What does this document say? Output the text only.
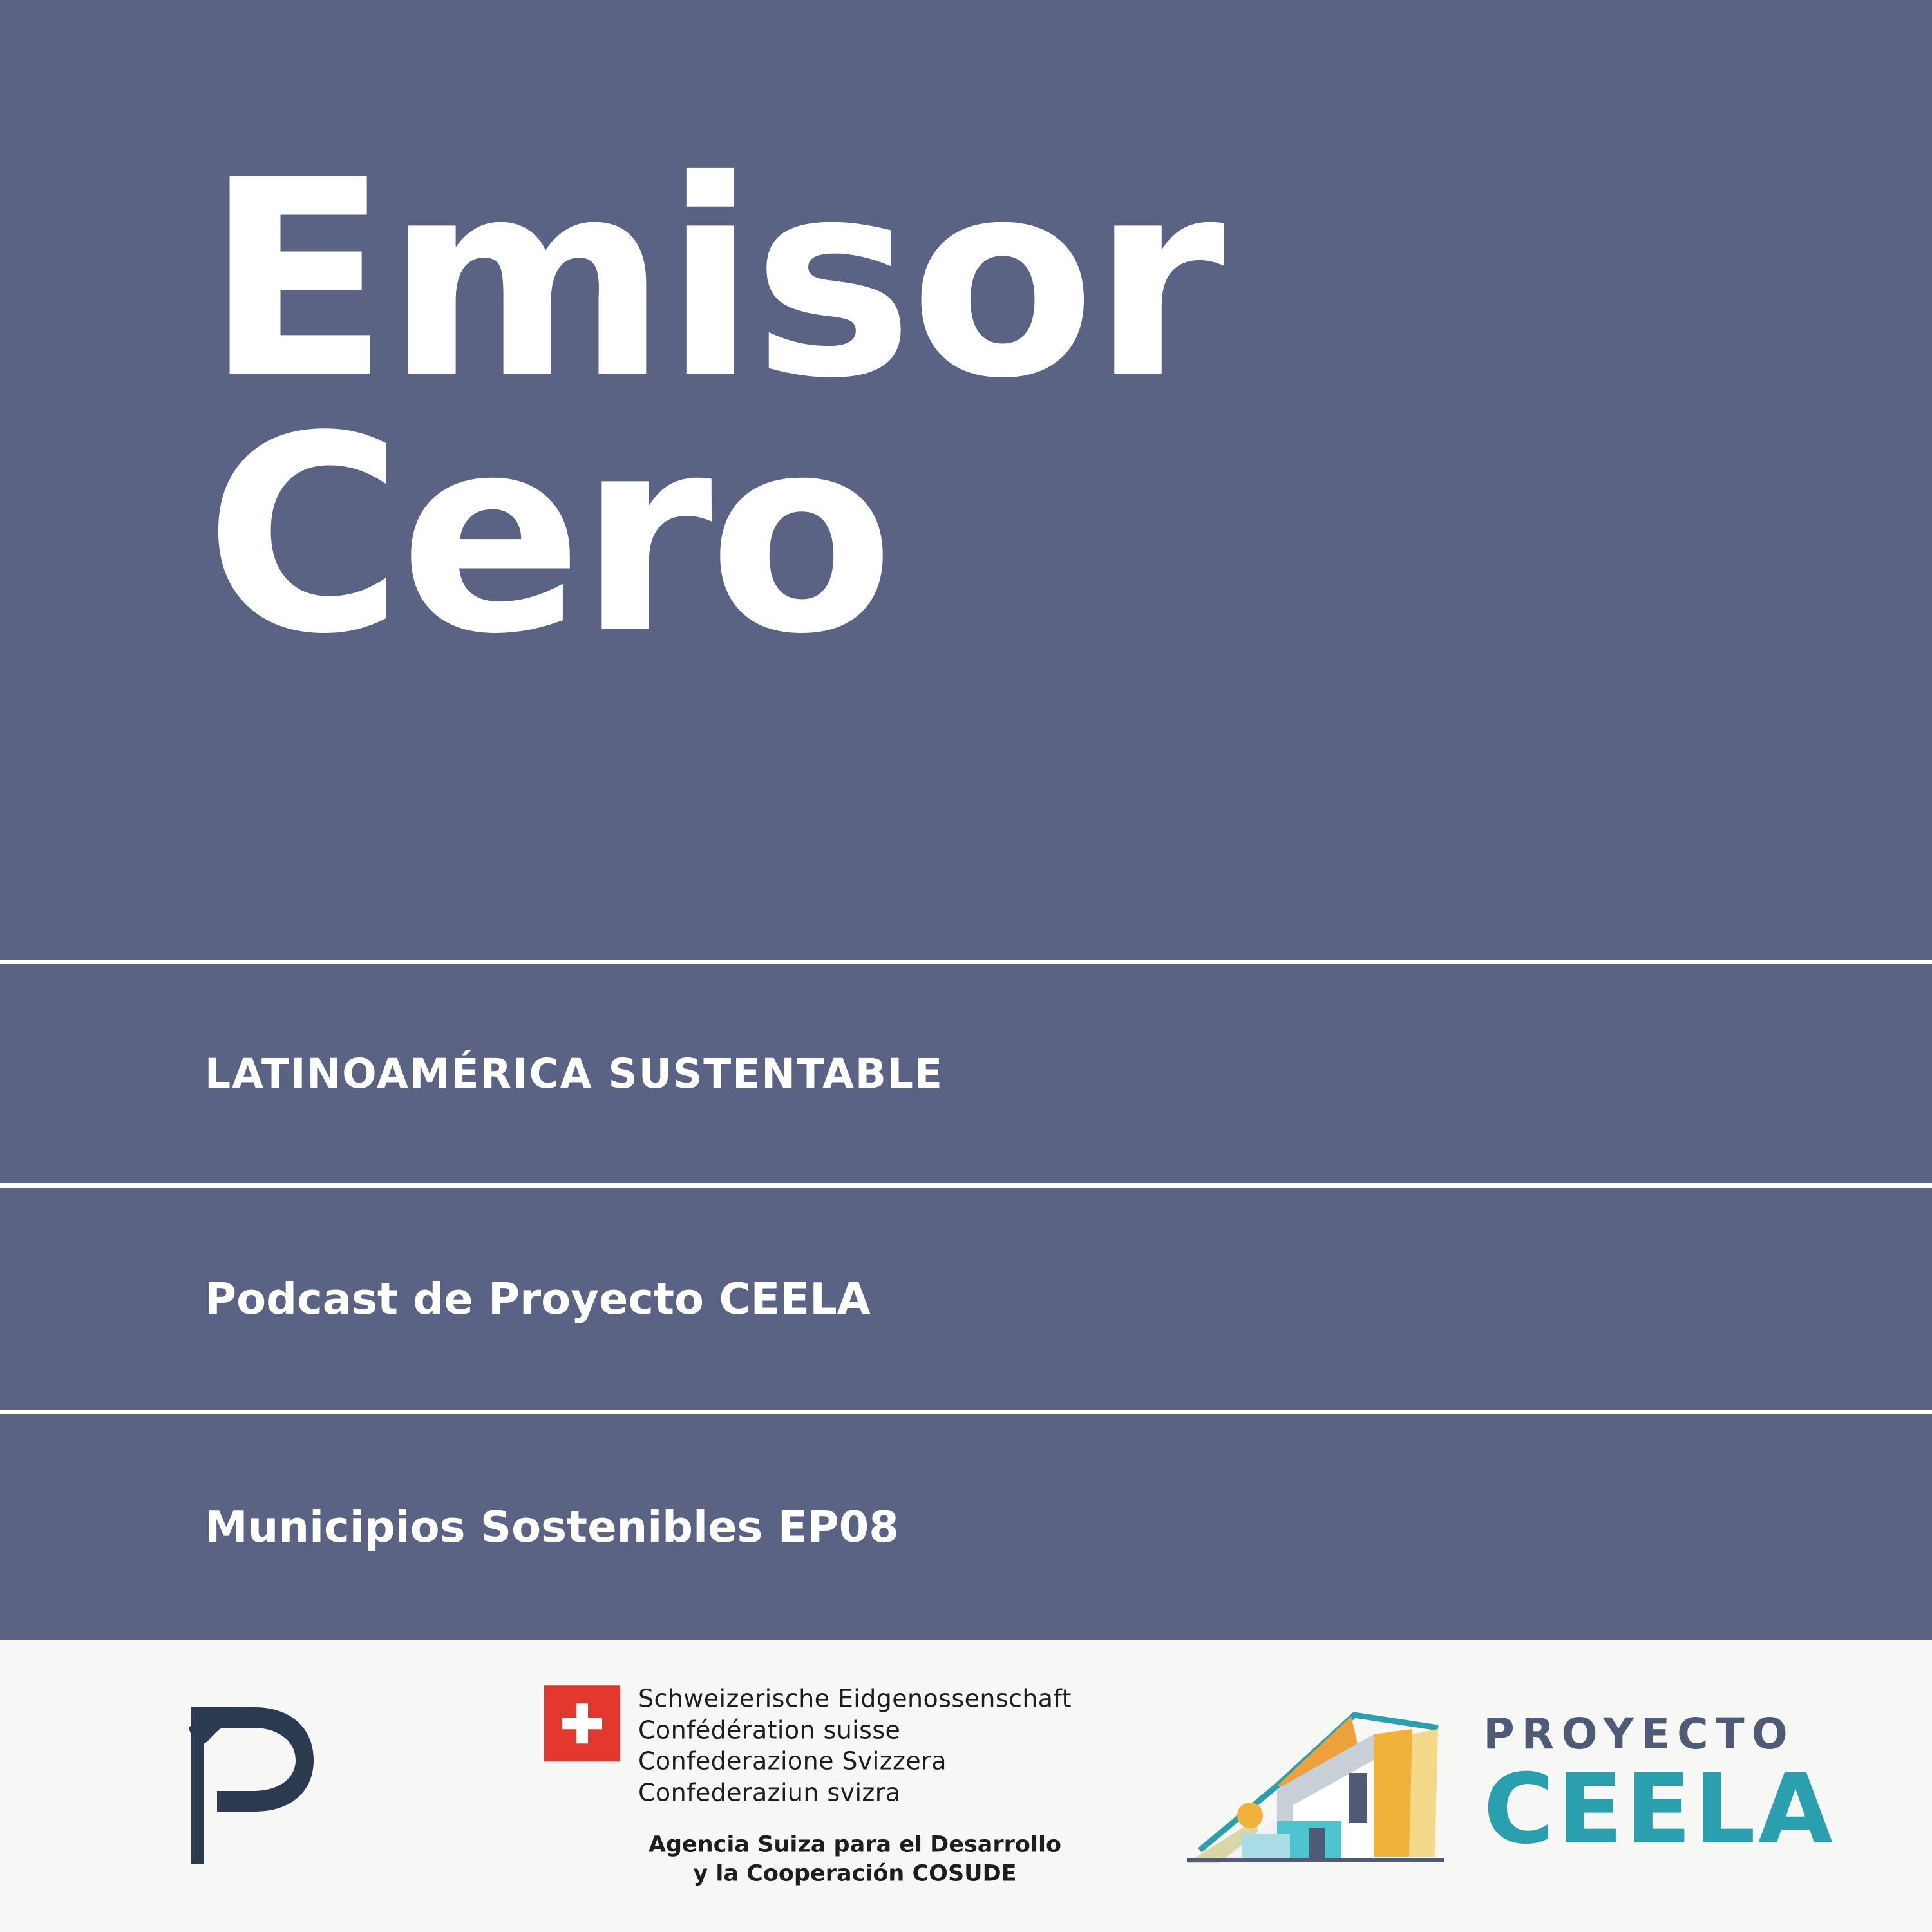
Emisor
Cero
LATINOAMÉRICA SUSTENTABLE
Podcast de Proyecto CEELA
Municipios Sostenibles EP08
Schweizerische Eidgenossenschaft
Confédération suisse
Confederazione Svizzera
Confederaziun svizra
Agencia Suiza para el Desarrollo
y la Cooperación COSUDE
PROYECTO
CEELA
